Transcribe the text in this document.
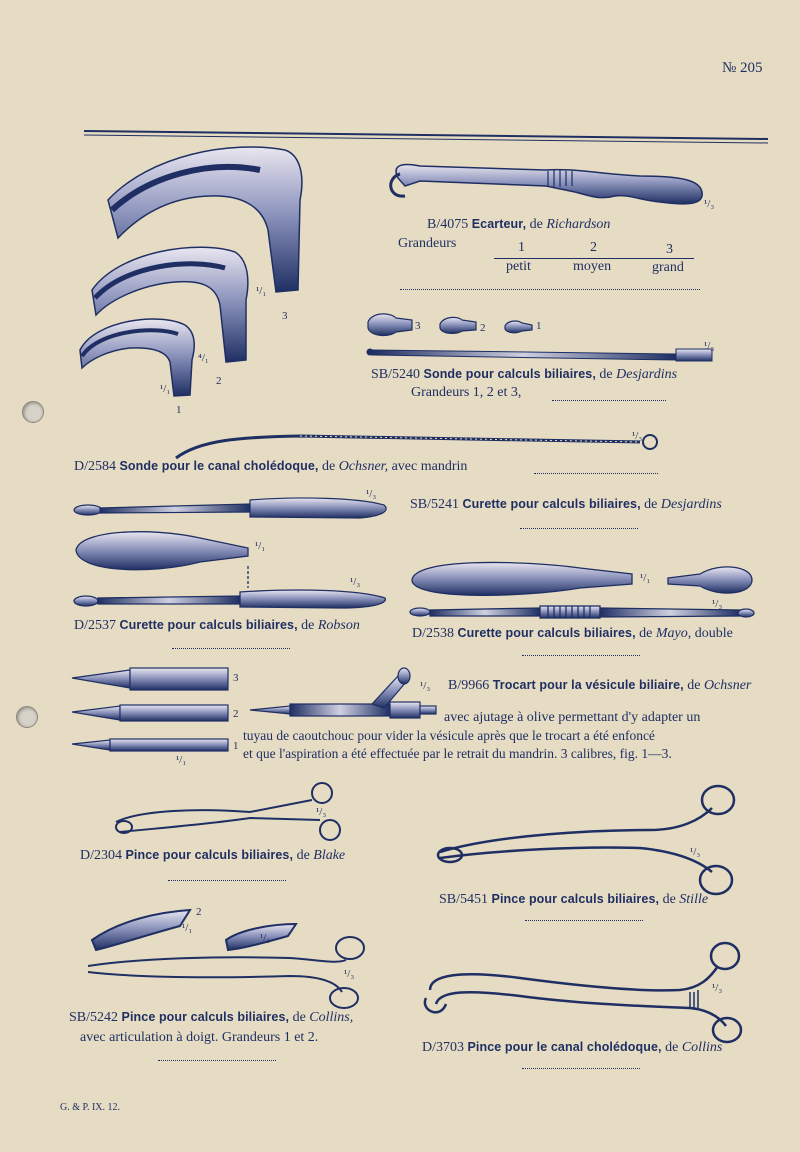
№ 205
3
2
1
¹/₁
⁴/₁
¹/₁
¹/₃
B/4075 Ecarteur, de Richardson
Grandeurs	1	2	3
petit	moyen	grand
3	2	1
¹/₃
SB/5240 Sonde pour calculs biliaires, de Desjardins
Grandeurs 1, 2 et 3,
¹/₃
D/2584 Sonde pour le canal cholédoque, de Ochsner, avec mandrin
¹/₃
SB/5241 Curette pour calculs biliaires, de Desjardins
¹/₁
¹/₃
D/2537 Curette pour calculs biliaires, de Robson
¹/₁
¹/₃
D/2538 Curette pour calculs biliaires, de Mayo, double
3
2
1
¹/₁
¹/₃ B/9966 Trocart pour la vésicule biliaire, de Ochsner
avec ajutage à olive permettant d'y adapter un
tuyau de caoutchouc pour vider la vésicule après que le trocart a été enfoncé
et que l'aspiration a été effectuée par le retrait du mandrin. 3 calibres, fig. 1—3.
¹/₃
D/2304 Pince pour calculs biliaires, de Blake	¹/₃
SB/5451 Pince pour calculs biliaires, de Stille
2
¹/₁
¹/₁
¹/₃
SB/5242 Pince pour calculs biliaires, de Collins,
avec articulation à doigt. Grandeurs 1 et 2.
¹/₃
D/3703 Pince pour le canal cholédoque, de Collins
G. & P. IX. 12.
